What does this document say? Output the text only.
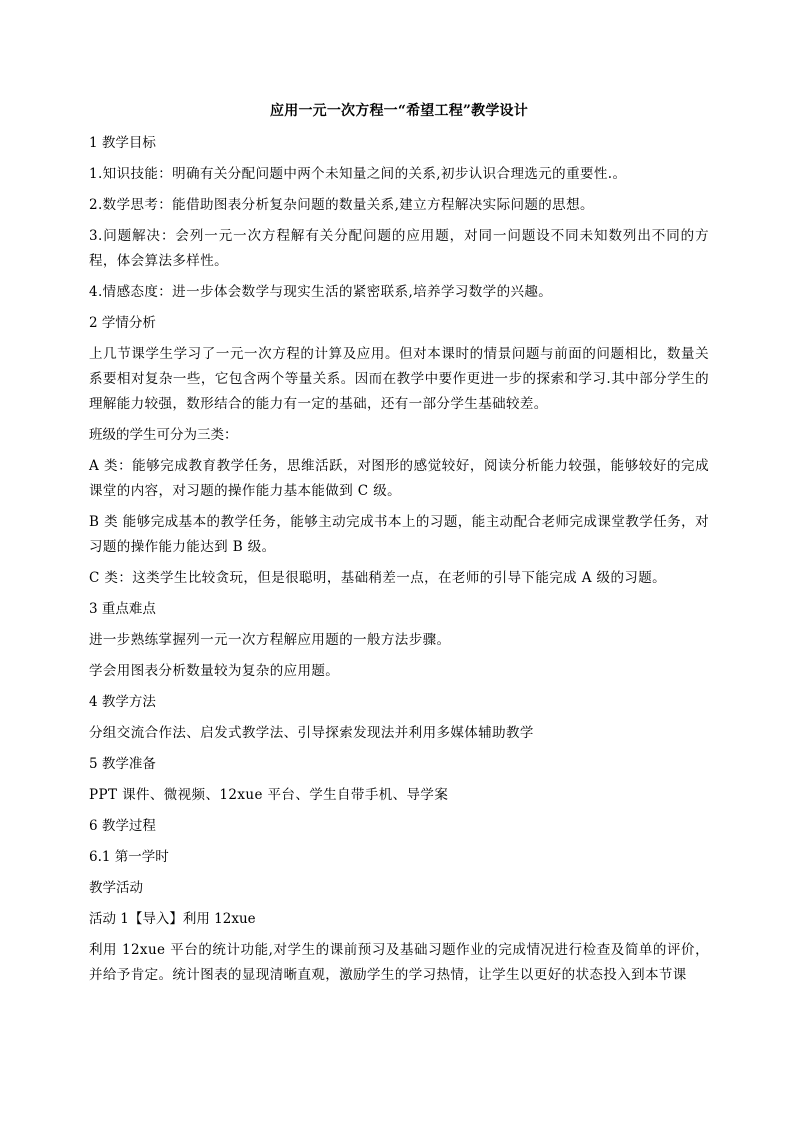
应用一元一次方程一“希望工程”教学设计
1 教学目标
1.知识技能：明确有关分配问题中两个未知量之间的关系,初步认识合理选元的重要性.。
2.数学思考：能借助图表分析复杂问题的数量关系,建立方程解决实际问题的思想。
3.问题解决：会列一元一次方程解有关分配问题的应用题，对同一问题设不同未知数列出不同的方程，体会算法多样性。
4.情感态度：进一步体会数学与现实生活的紧密联系,培养学习数学的兴趣。
2 学情分析
上几节课学生学习了一元一次方程的计算及应用。但对本课时的情景问题与前面的问题相比，数量关系要相对复杂一些，它包含两个等量关系。因而在教学中要作更进一步的探索和学习.其中部分学生的理解能力较强，数形结合的能力有一定的基础，还有一部分学生基础较差。
班级的学生可分为三类：
A 类：能够完成教育教学任务，思维活跃，对图形的感觉较好，阅读分析能力较强，能够较好的完成课堂的内容，对习题的操作能力基本能做到 C 级。
B 类 能够完成基本的教学任务，能够主动完成书本上的习题，能主动配合老师完成课堂教学任务，对习题的操作能力能达到 B 级。
C 类：这类学生比较贪玩，但是很聪明，基础稍差一点，在老师的引导下能完成 A 级的习题。
3 重点难点
进一步熟练掌握列一元一次方程解应用题的一般方法步骤。
学会用图表分析数量较为复杂的应用题。
4 教学方法
分组交流合作法、启发式教学法、引导探索发现法并利用多媒体辅助教学
5 教学准备
PPT 课件、微视频、12xue 平台、学生自带手机、导学案
6 教学过程
6.1 第一学时
教学活动
活动 1【导入】利用 12xue
利用 12xue 平台的统计功能,对学生的课前预习及基础习题作业的完成情况进行检查及简单的评价，并给予肯定。统计图表的显现清晰直观，激励学生的学习热情，让学生以更好的状态投入到本节课
